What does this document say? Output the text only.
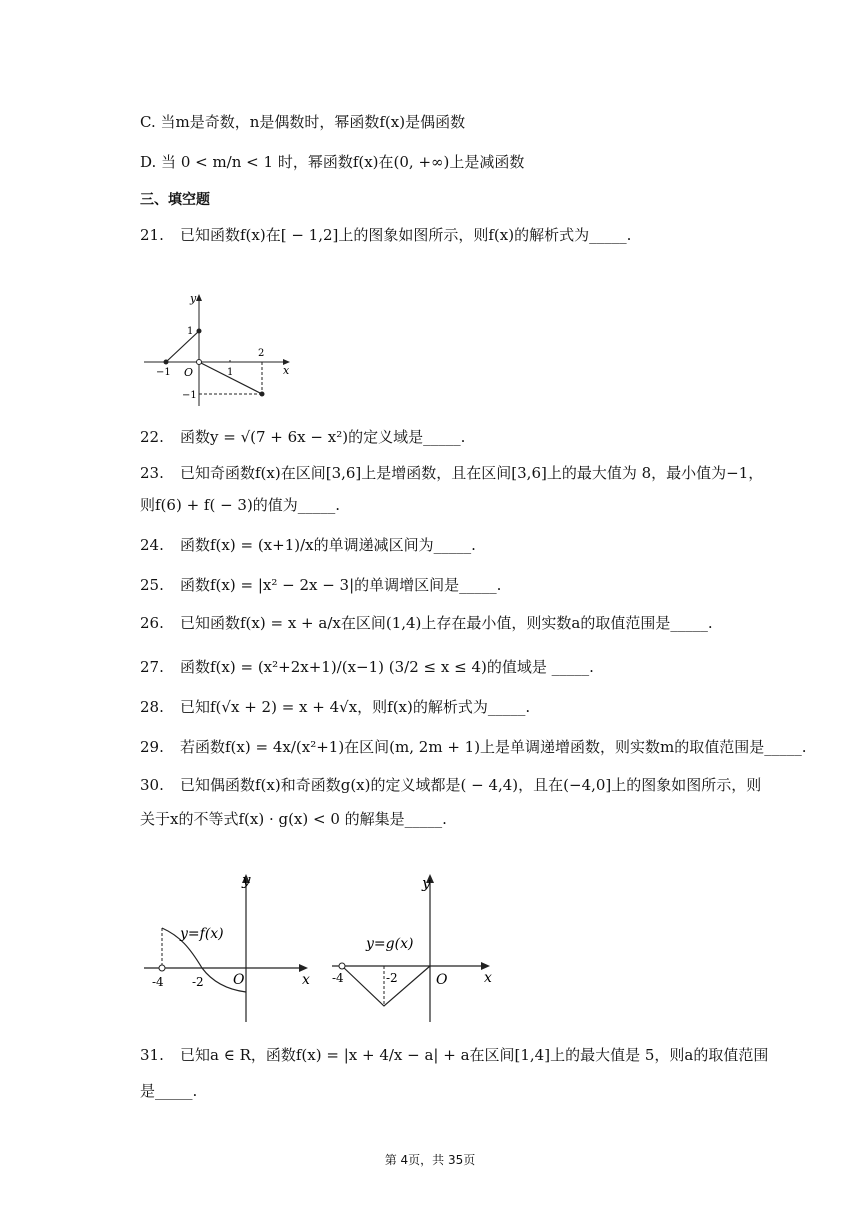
C. 当m是奇数，n是偶数时，幂函数f(x)是偶函数
D. 当 0 < m/n < 1 时，幂函数f(x)在(0, +∞)上是减函数
三、填空题
21. 已知函数f(x)在[ − 1,2]上的图象如图所示，则f(x)的解析式为_____.
y
x
O
1
−1
−1	1
2
22. 函数y = √(7 + 6x − x²)的定义域是_____.
23. 已知奇函数f(x)在区间[3,6]上是增函数，且在区间[3,6]上的最大值为 8，最小值为−1，
则f(6) + f( − 3)的值为_____.
24. 函数f(x) = (x+1)/x的单调递减区间为_____.
25. 函数f(x) = |x² − 2x − 3|的单调增区间是_____.
26. 已知函数f(x) = x + a/x在区间(1,4)上存在最小值，则实数a的取值范围是_____.
27. 函数f(x) = (x²+2x+1)/(x−1) (3/2 ≤ x ≤ 4)的值域是 _____.
28. 已知f(√x + 2) = x + 4√x，则f(x)的解析式为_____.
29. 若函数f(x) = 4x/(x²+1)在区间(m, 2m + 1)上是单调递增函数，则实数m的取值范围是_____.
30. 已知偶函数f(x)和奇函数g(x)的定义域都是( − 4,4)，且在(−4,0]上的图象如图所示，则
关于x的不等式f(x) · g(x) < 0 的解集是_____.
y
x
O
y=f(x)
-4 -2
y
x
O
y=g(x)
-4	-2
31. 已知a ∈ R，函数f(x) = |x + 4/x − a| + a在区间[1,4]上的最大值是 5，则a的取值范围
是_____.
第 4页，共 35页
